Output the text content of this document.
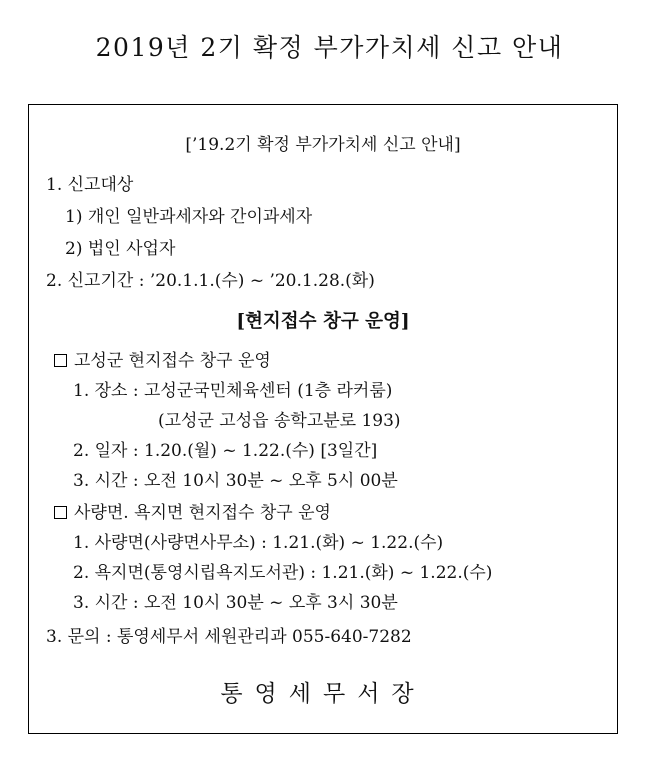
2019년 2기 확정 부가가치세 신고 안내
[’19.2기 확정 부가가치세 신고 안내]
1. 신고대상
1) 개인 일반과세자와 간이과세자
2) 법인 사업자
2. 신고기간 : ’20.1.1.(수) ~ ’20.1.28.(화)
[현지접수 창구 운영]
고성군 현지접수 창구 운영
1. 장소 : 고성군국민체육센터 (1층 라커룸)
(고성군 고성읍 송학고분로 193)
2. 일자 : 1.20.(월) ~ 1.22.(수) [3일간]
3. 시간 : 오전 10시 30분 ~ 오후 5시 00분
사량면. 욕지면 현지접수 창구 운영
1. 사량면(사량면사무소) : 1.21.(화) ~ 1.22.(수)
2. 욕지면(통영시립욕지도서관) : 1.21.(화) ~ 1.22.(수)
3. 시간 : 오전 10시 30분 ~ 오후 3시 30분
3. 문의 : 통영세무서 세원관리과 055-640-7282
통영세무서장
